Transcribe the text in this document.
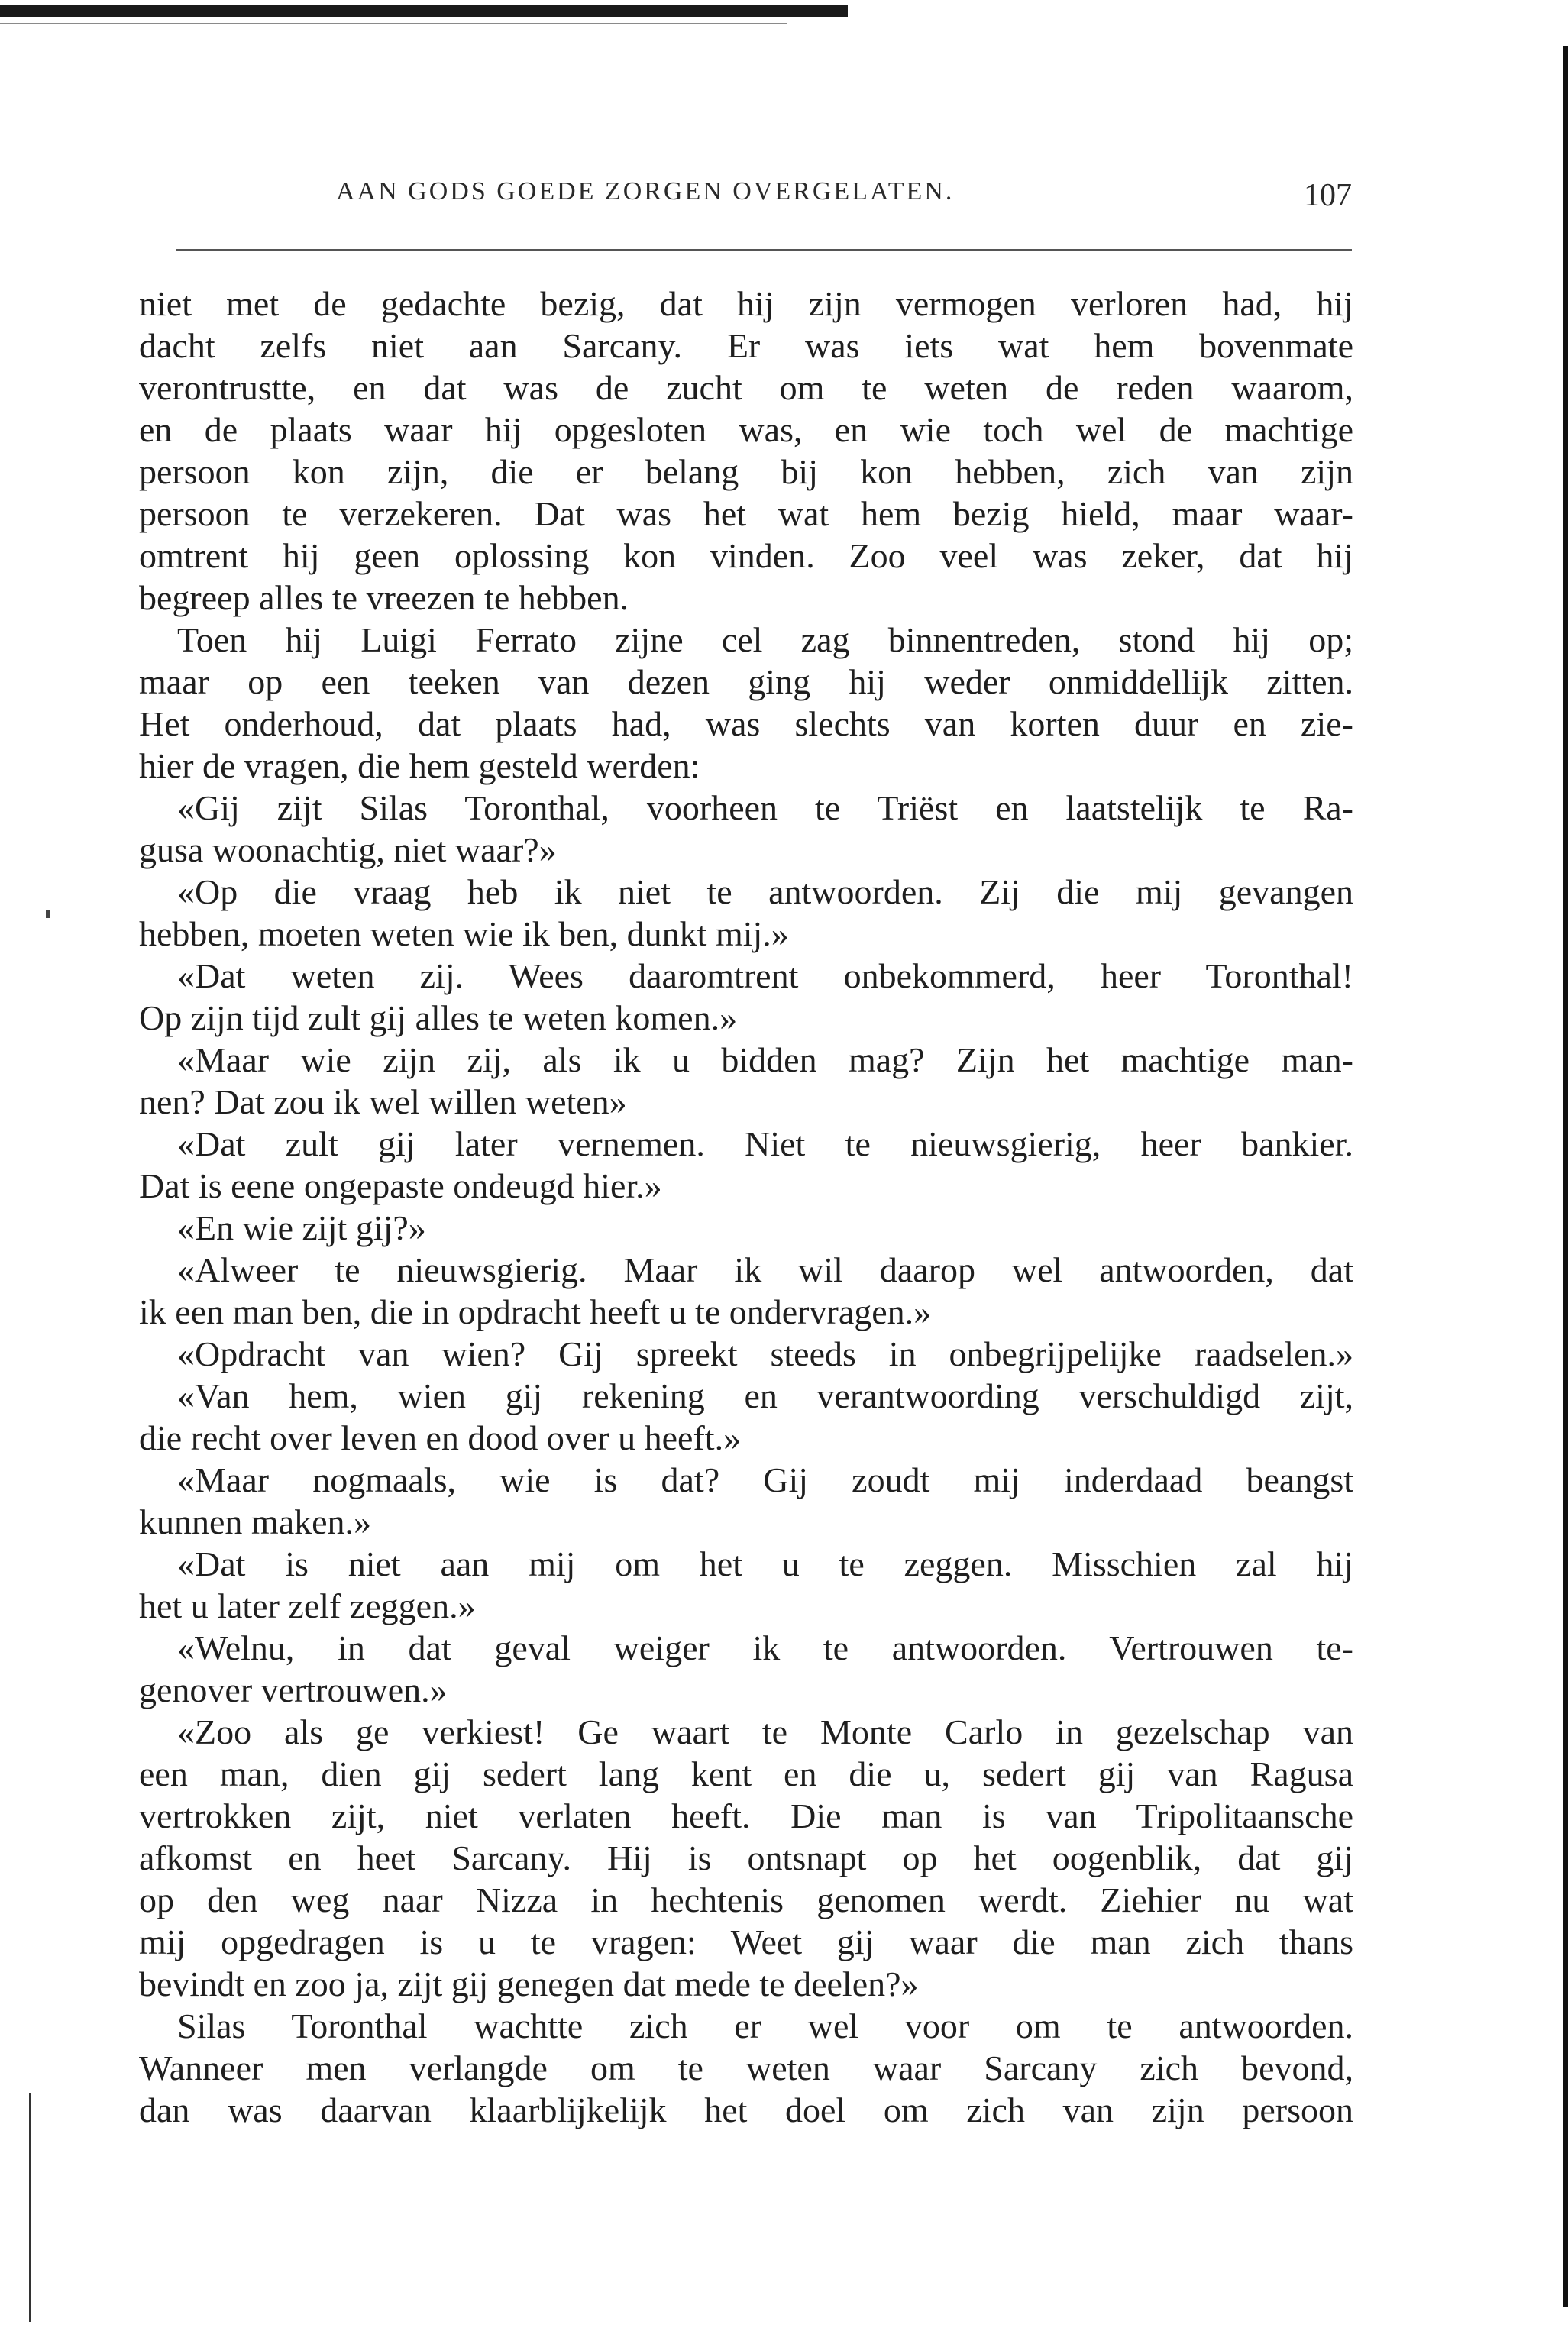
AAN GODS GOEDE ZORGEN OVERGELATEN.	107
niet met de gedachte bezig, dat hij zijn vermogen verloren had, hij
dacht zelfs niet aan Sarcany. Er was iets wat hem bovenmate
verontrustte, en dat was de zucht om te weten de reden waarom,
en de plaats waar hij opgesloten was, en wie toch wel de machtige
persoon kon zijn, die er belang bij kon hebben, zich van zijn
persoon te verzekeren. Dat was het wat hem bezig hield, maar waar-
omtrent hij geen oplossing kon vinden. Zoo veel was zeker, dat hij
begreep alles te vreezen te hebben.
Toen hij Luigi Ferrato zijne cel zag binnentreden, stond hij op;
maar op een teeken van dezen ging hij weder onmiddellijk zitten.
Het onderhoud, dat plaats had, was slechts van korten duur en zie-
hier de vragen, die hem gesteld werden:
«Gij zijt Silas Toronthal, voorheen te Triëst en laatstelijk te Ra-
gusa woonachtig, niet waar?»
«Op die vraag heb ik niet te antwoorden. Zij die mij gevangen
hebben, moeten weten wie ik ben, dunkt mij.»
«Dat weten zij. Wees daaromtrent onbekommerd, heer Toronthal!
Op zijn tijd zult gij alles te weten komen.»
«Maar wie zijn zij, als ik u bidden mag? Zijn het machtige man-
nen? Dat zou ik wel willen weten»
«Dat zult gij later vernemen. Niet te nieuwsgierig, heer bankier.
Dat is eene ongepaste ondeugd hier.»
«En wie zijt gij?»
«Alweer te nieuwsgierig. Maar ik wil daarop wel antwoorden, dat
ik een man ben, die in opdracht heeft u te ondervragen.»
«Opdracht van wien? Gij spreekt steeds in onbegrijpelijke raadselen.»
«Van hem, wien gij rekening en verantwoording verschuldigd zijt,
die recht over leven en dood over u heeft.»
«Maar nogmaals, wie is dat? Gij zoudt mij inderdaad beangst
kunnen maken.»
«Dat is niet aan mij om het u te zeggen. Misschien zal hij
het u later zelf zeggen.»
«Welnu, in dat geval weiger ik te antwoorden. Vertrouwen te-
genover vertrouwen.»
«Zoo als ge verkiest! Ge waart te Monte Carlo in gezelschap van
een man, dien gij sedert lang kent en die u, sedert gij van Ragusa
vertrokken zijt, niet verlaten heeft. Die man is van Tripolitaansche
afkomst en heet Sarcany. Hij is ontsnapt op het oogenblik, dat gij
op den weg naar Nizza in hechtenis genomen werdt. Ziehier nu wat
mij opgedragen is u te vragen: Weet gij waar die man zich thans
bevindt en zoo ja, zijt gij genegen dat mede te deelen?»
Silas Toronthal wachtte zich er wel voor om te antwoorden.
Wanneer men verlangde om te weten waar Sarcany zich bevond,
dan was daarvan klaarblijkelijk het doel om zich van zijn persoon
